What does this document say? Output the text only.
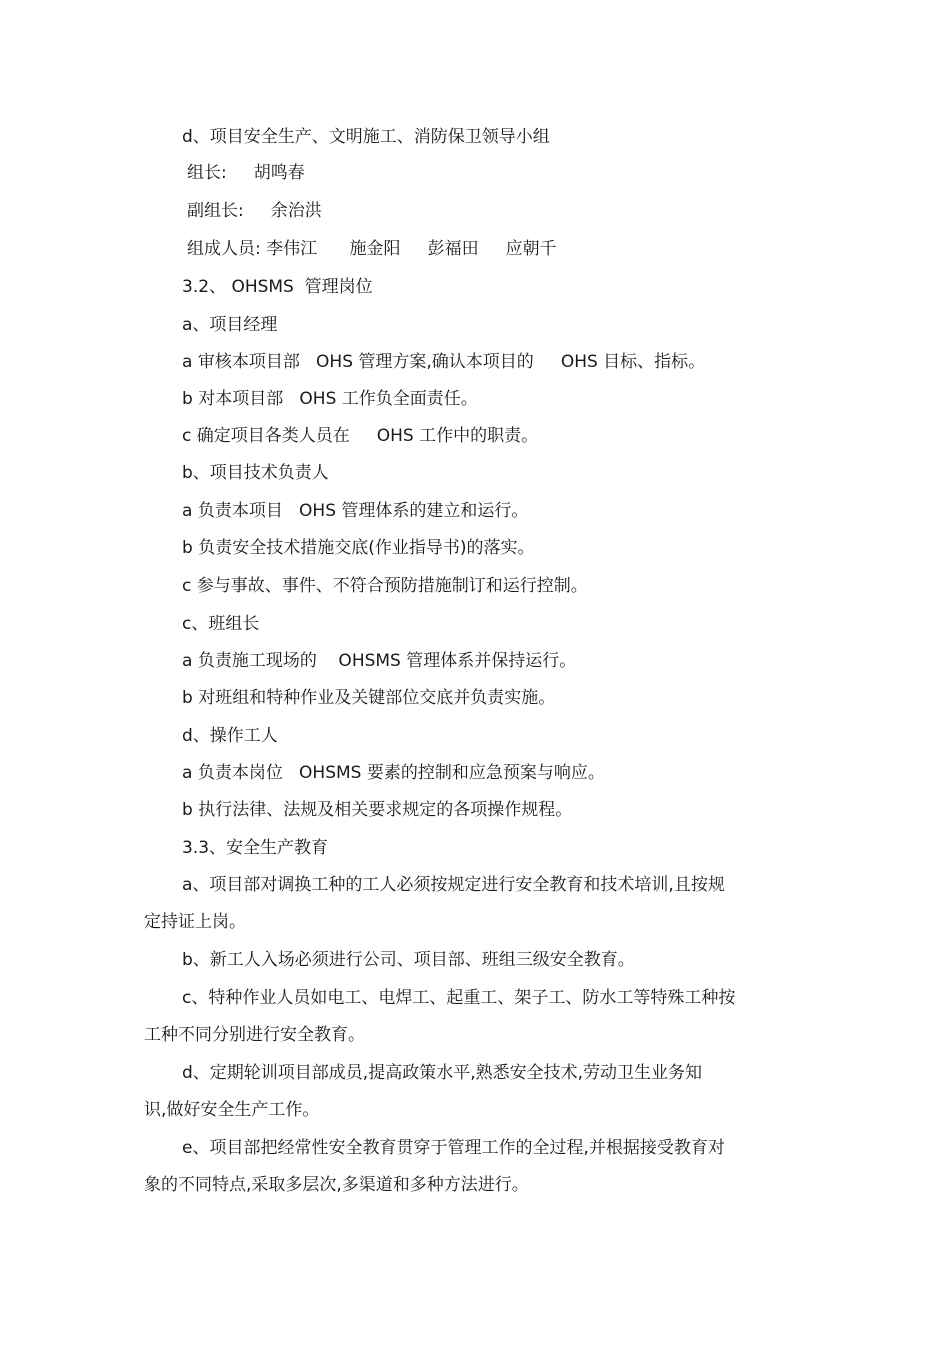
d、项目安全生产、文明施工、消防保卫领导小组

组长:     胡鸣春

副组长:     余治洪

组成人员: 李伟江      施金阳     彭福田     应朝千

3.2、 OHSMS  管理岗位

a、项目经理

a 审核本项目部   OHS 管理方案,确认本项目的     OHS 目标、指标。

b 对本项目部   OHS 工作负全面责任。

c 确定项目各类人员在     OHS 工作中的职责。

b、项目技术负责人

a 负责本项目   OHS 管理体系的建立和运行。

b 负责安全技术措施交底(作业指导书)的落实。

c 参与事故、事件、不符合预防措施制订和运行控制。

c、班组长

a 负责施工现场的    OHSMS 管理体系并保持运行。

b 对班组和特种作业及关键部位交底并负责实施。

d、操作工人

a 负责本岗位   OHSMS 要素的控制和应急预案与响应。

b 执行法律、法规及相关要求规定的各项操作规程。

3.3、安全生产教育

a、项目部对调换工种的工人必须按规定进行安全教育和技术培训,且按规

定持证上岗。

b、新工人入场必须进行公司、项目部、班组三级安全教育。

c、特种作业人员如电工、电焊工、起重工、架子工、防水工等特殊工种按

工种不同分别进行安全教育。

d、定期轮训项目部成员,提高政策水平,熟悉安全技术,劳动卫生业务知

识,做好安全生产工作。

e、项目部把经常性安全教育贯穿于管理工作的全过程,并根据接受教育对

象的不同特点,采取多层次,多渠道和多种方法进行。
